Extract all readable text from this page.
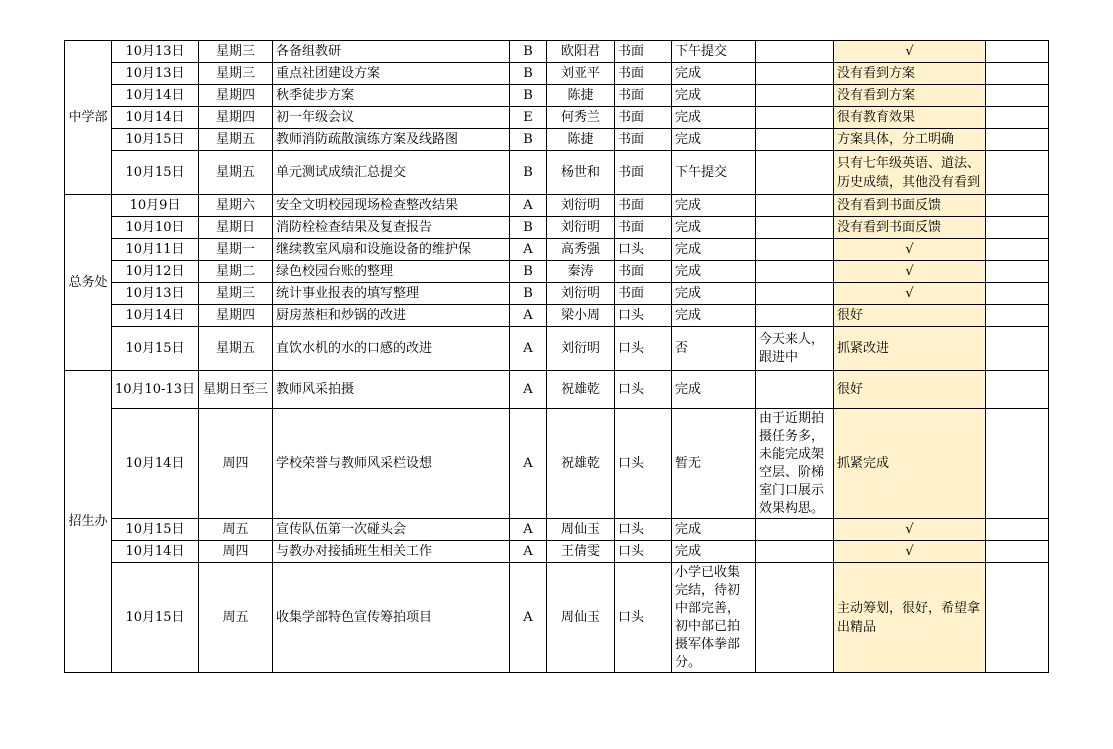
中学部	10月13日	星期三	各备组教研	B	欧阳君	书面	下午提交		√	
	10月13日	星期三	重点社团建设方案	B	刘亚平	书面	完成		没有看到方案	
	10月14日	星期四	秋季徒步方案	B	陈捷	书面	完成		没有看到方案	
	10月14日	星期四	初一年级会议	E	何秀兰	书面	完成		很有教育效果	
	10月15日	星期五	教师消防疏散演练方案及线路图	B	陈捷	书面	完成		方案具体，分工明确	
	10月15日	星期五	单元测试成绩汇总提交	B	杨世和	书面	下午提交		只有七年级英语、道法、历史成绩，其他没有看到	
总务处	10月9日	星期六	安全文明校园现场检查整改结果	A	刘衍明	书面	完成		没有看到书面反馈	
	10月10日	星期日	消防栓检查结果及复查报告	B	刘衍明	书面	完成		没有看到书面反馈	
	10月11日	星期一	继续教室风扇和设施设备的维护保	A	高秀强	口头	完成		√	
	10月12日	星期二	绿色校园台账的整理	B	秦涛	书面	完成		√	
	10月13日	星期三	统计事业报表的填写整理	B	刘衍明	书面	完成		√	
	10月14日	星期四	厨房蒸柜和炒锅的改进	A	梁小周	口头	完成		很好	
	10月15日	星期五	直饮水机的水的口感的改进	A	刘衍明	口头	否	今天来人，跟进中	抓紧改进	
招生办	10月10-13日	星期日至三	教师风采拍摄	A	祝雄乾	口头	完成		很好	
	10月14日	周四	学校荣誉与教师风采栏设想	A	祝雄乾	口头	暂无	由于近期拍摄任务多，未能完成架空层、阶梯室门口展示效果构思。	抓紧完成	
	10月15日	周五	宣传队伍第一次碰头会	A	周仙玉	口头	完成		√	
	10月14日	周四	与教办对接插班生相关工作	A	王倩雯	口头	完成		√	
	10月15日	周五	收集学部特色宣传筹拍项目	A	周仙玉	口头	小学已收集完结，待初中部完善，初中部已拍摄军体拳部分。		主动筹划，很好，希望拿出精品	
